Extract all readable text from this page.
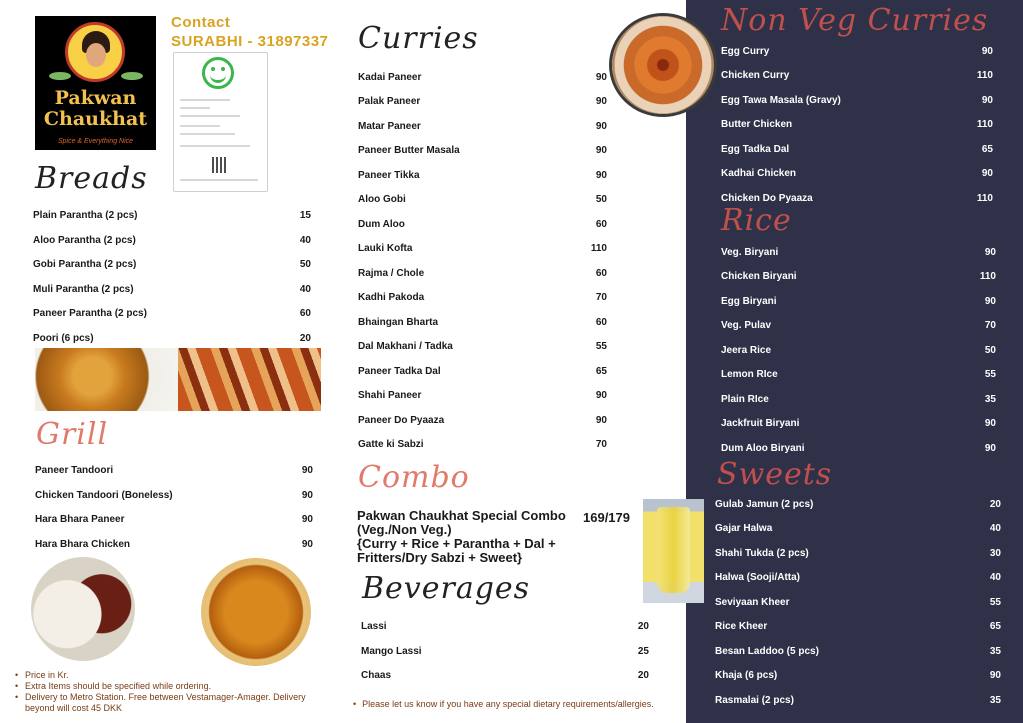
Pakwan
Chaukhat
Spice & Everything Nice
Contact
SURABHI - 31897337
Breads
Grill
Curries
Combo
Beverages
Non Veg Curries
Rice
Sweets
Plain Parantha (2 pcs)	15
Aloo Parantha (2 pcs)	40
Gobi Parantha (2 pcs)	50
Muli Parantha (2 pcs)	40
Paneer Parantha (2 pcs)	60
Poori (6 pcs)	20
Paneer Tandoori	90
Chicken Tandoori (Boneless)	90
Hara Bhara Paneer	90
Hara Bhara Chicken	90
Kadai Paneer	90
Palak Paneer	90
Matar Paneer	90
Paneer Butter Masala	90
Paneer Tikka	90
Aloo Gobi	50
Dum Aloo	60
Lauki Kofta	110
Rajma / Chole	60
Kadhi Pakoda	70
Bhaingan Bharta	60
Dal Makhani / Tadka	55
Paneer Tadka Dal	65
Shahi Paneer	90
Paneer Do Pyaaza	90
Gatte ki Sabzi	70
Pakwan Chaukhat Special Combo
(Veg./Non Veg.)
{Curry + Rice + Parantha + Dal +
Fritters/Dry Sabzi + Sweet}
169/179
Lassi	20
Mango Lassi	25
Chaas	20
Egg Curry	90
Chicken Curry	110
Egg Tawa Masala (Gravy)	90
Butter Chicken	110
Egg Tadka Dal	65
Kadhai Chicken	90
Chicken Do Pyaaza	110
Veg. Biryani	90
Chicken Biryani	110
Egg Biryani	90
Veg. Pulav	70
Jeera Rice	50
Lemon RIce	55
Plain RIce	35
Jackfruit Biryani	90
Dum Aloo Biryani	90
Gulab Jamun (2 pcs)	20
Gajar Halwa	40
Shahi Tukda (2 pcs)	30
Halwa (Sooji/Atta)	40
Seviyaan Kheer	55
Rice Kheer	65
Besan Laddoo (5 pcs)	35
Khaja (6 pcs)	90
Rasmalai (2 pcs)	35
• Price in Kr.
• Extra Items should be specified while ordering.
• Delivery to Metro Station. Free between Vestamager-Amager. Delivery beyond will cost 45 DKK	• Please let us know if you have any special dietary requirements/allergies.
